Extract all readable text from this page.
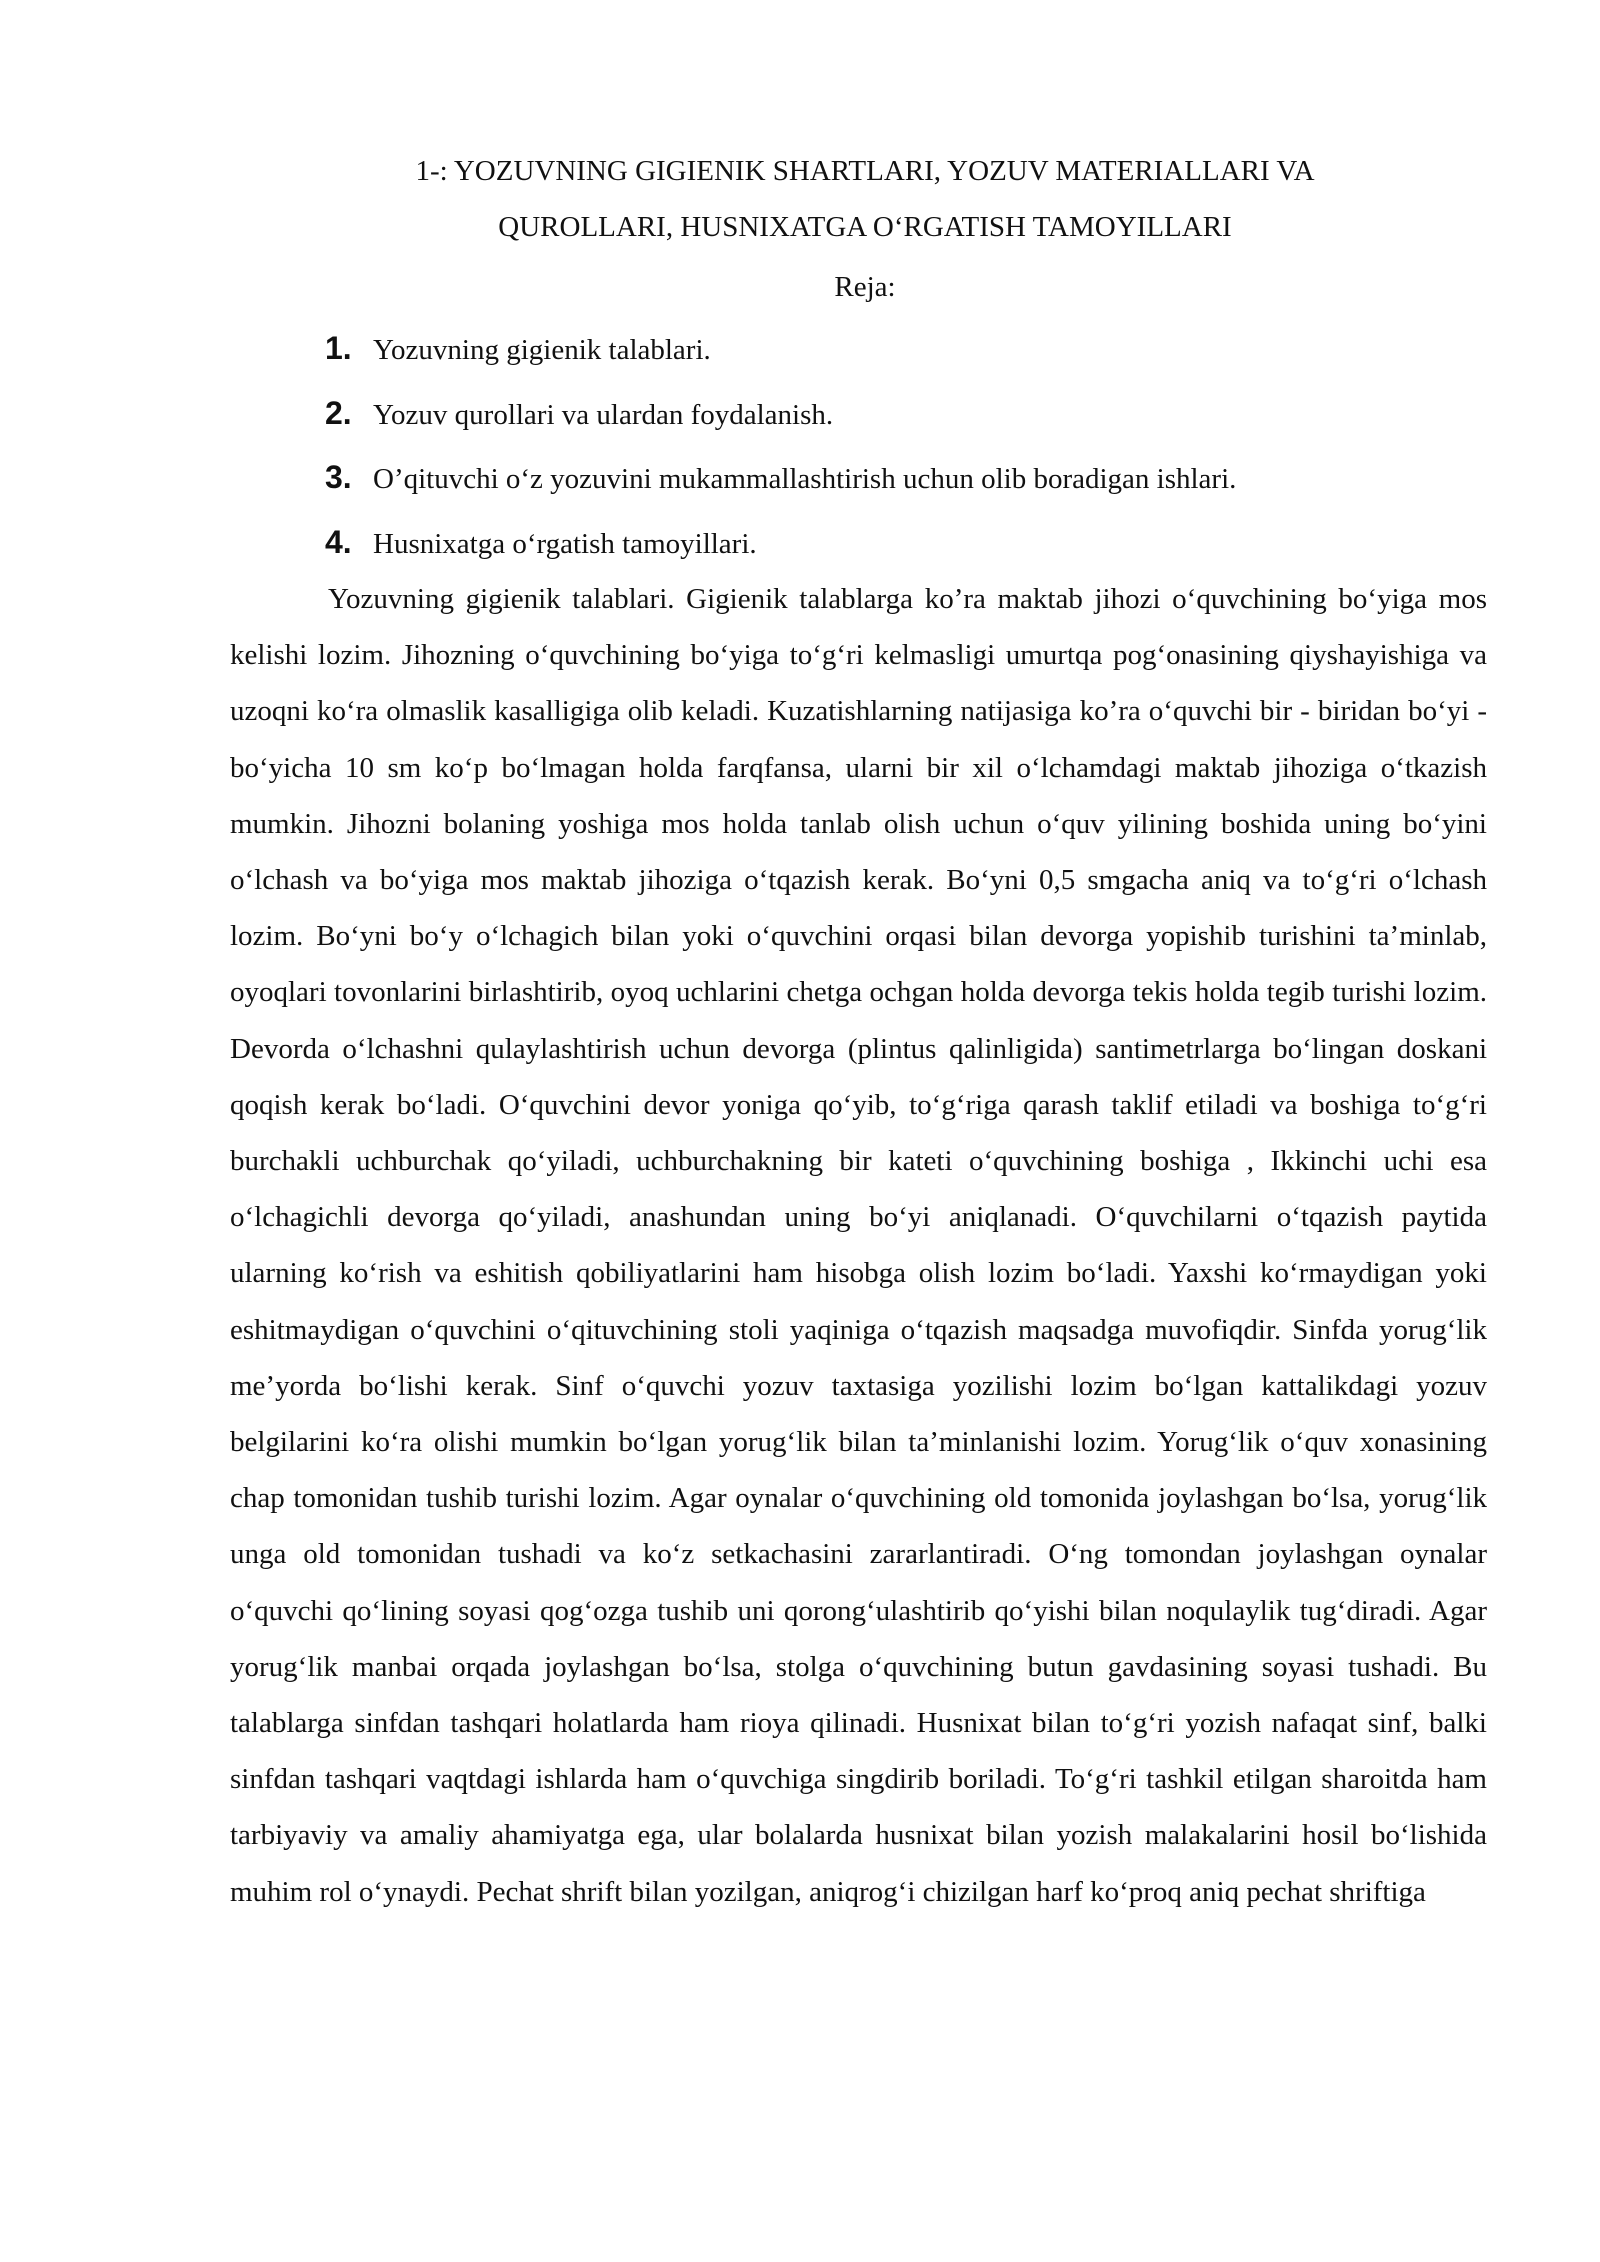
1-: YOZUVNING GIGIENIK SHARTLARI, YOZUV MATERIALLARI VA
QUROLLARI, HUSNIXATGA O‘RGATISH TAMOYILLARI
Reja:
1. Yozuvning gigienik talablari.
2. Yozuv qurollari va ulardan foydalanish.
3. O’qituvchi o‘z yozuvini mukammallashtirish uchun olib boradigan ishlari.
4. Husnixatga o‘rgatish tamoyillari.

Yozuvning gigienik talablari. Gigienik talablarga ko’ra maktab jihozi o‘quvchining bo‘yiga mos kelishi lozim. Jihozning o‘quvchining bo‘yiga to‘g‘ri kelmasligi umurtqa pog‘onasining qiyshayishiga va uzoqni ko‘ra olmaslik kasalligiga olib keladi. Kuzatishlarning natijasiga ko’ra o‘quvchi bir - biridan bo‘yi -bo‘yicha 10 sm ko‘p bo‘lmagan holda farqfansa, ularni bir xil o‘lchamdagi maktab jihoziga o‘tkazish mumkin. Jihozni bolaning yoshiga mos holda tanlab olish uchun o‘quv yilining boshida uning bo‘yini o‘lchash va bo‘yiga mos maktab jihoziga o‘tqazish kerak. Bo‘yni 0,5 smgacha aniq va to‘g‘ri o‘lchash lozim. Bo‘yni bo‘y o‘lchagich bilan yoki o‘quvchini orqasi bilan devorga yopishib turishini ta’minlab, oyoqlari tovonlarini birlashtirib, oyoq uchlarini chetga ochgan holda devorga tekis holda tegib turishi lozim. Devorda o‘lchashni qulaylashtirish uchun devorga (plintus qalinligida) santimetrlarga bo‘lingan doskani qoqish kerak bo‘ladi. O‘quvchini devor yoniga qo‘yib, to‘g‘riga qarash taklif etiladi va boshiga to‘g‘ri burchakli uchburchak qo‘yiladi, uchburchakning bir kateti o‘quvchining boshiga , Ikkinchi uchi esa o‘lchagichli devorga qo‘yiladi, anashundan uning bo‘yi aniqlanadi. O‘quvchilarni o‘tqazish paytida ularning ko‘rish va eshitish qobiliyatlarini ham hisobga olish lozim bo‘ladi. Yaxshi ko‘rmaydigan yoki eshitmaydigan o‘quvchini o‘qituvchining stoli yaqiniga o‘tqazish maqsadga muvofiqdir. Sinfda yorug‘lik me’yorda bo‘lishi kerak. Sinf o‘quvchi yozuv taxtasiga yozilishi lozim bo‘lgan kattalikdagi yozuv belgilarini ko‘ra olishi mumkin bo‘lgan yorug‘lik bilan ta’minlanishi lozim. Yorug‘lik o‘quv xonasining chap tomonidan tushib turishi lozim. Agar oynalar o‘quvchining old tomonida joylashgan bo‘lsa, yorug‘lik unga old tomonidan tushadi va ko‘z setkachasini zararlantiradi. O‘ng tomondan joylashgan oynalar o‘quvchi qo‘lining soyasi qog‘ozga tushib uni qorong‘ulashtirib qo‘yishi bilan noqulaylik tug‘diradi. Agar yorug‘lik manbai orqada joylashgan bo‘lsa, stolga o‘quvchining butun gavdasining soyasi tushadi. Bu talablarga sinfdan tashqari holatlarda ham rioya qilinadi. Husnixat bilan to‘g‘ri yozish nafaqat sinf, balki sinfdan tashqari vaqtdagi ishlarda ham o‘quvchiga singdirib boriladi. To‘g‘ri tashkil etilgan sharoitda ham tarbiyaviy va amaliy ahamiyatga ega, ular bolalarda husnixat bilan yozish malakalarini hosil bo‘lishida muhim rol o‘ynaydi. Pechat shrift bilan yozilgan, aniqrog‘i chizilgan harf ko‘proq aniq pechat shriftiga
